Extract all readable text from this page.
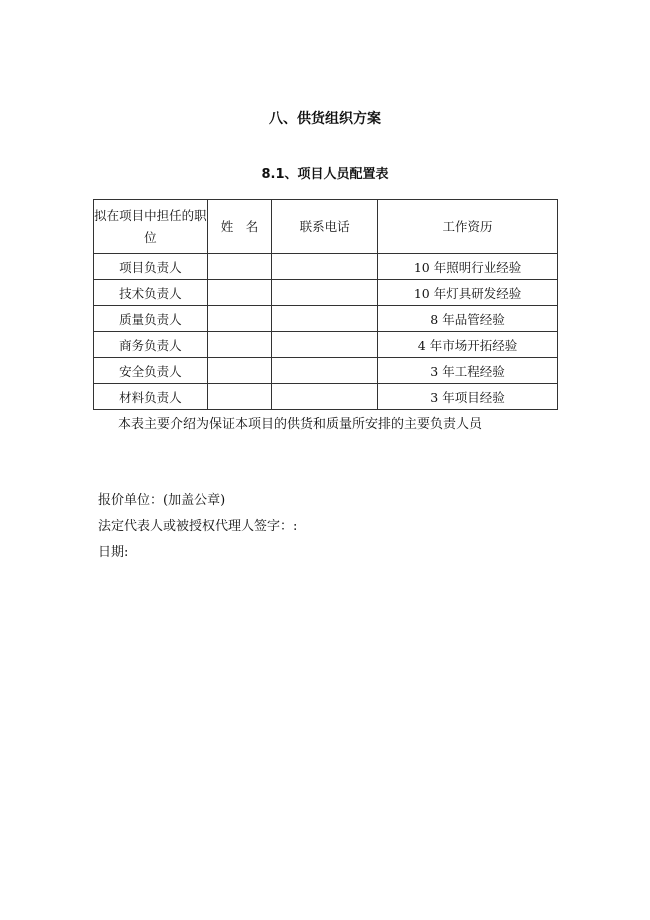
八、供货组织方案
8.1、项目人员配置表
拟在项目中担任的职位	姓　名	联系电话	工作资历
项目负责人			10 年照明行业经验
技术负责人			10 年灯具研发经验
质量负责人			8 年品管经验
商务负责人			4 年市场开拓经验
安全负责人			3 年工程经验
材料负责人			3 年项目经验
本表主要介绍为保证本项目的供货和质量所安排的主要负责人员
报价单位：(加盖公章)
法定代表人或被授权代理人签字：:
日期:
